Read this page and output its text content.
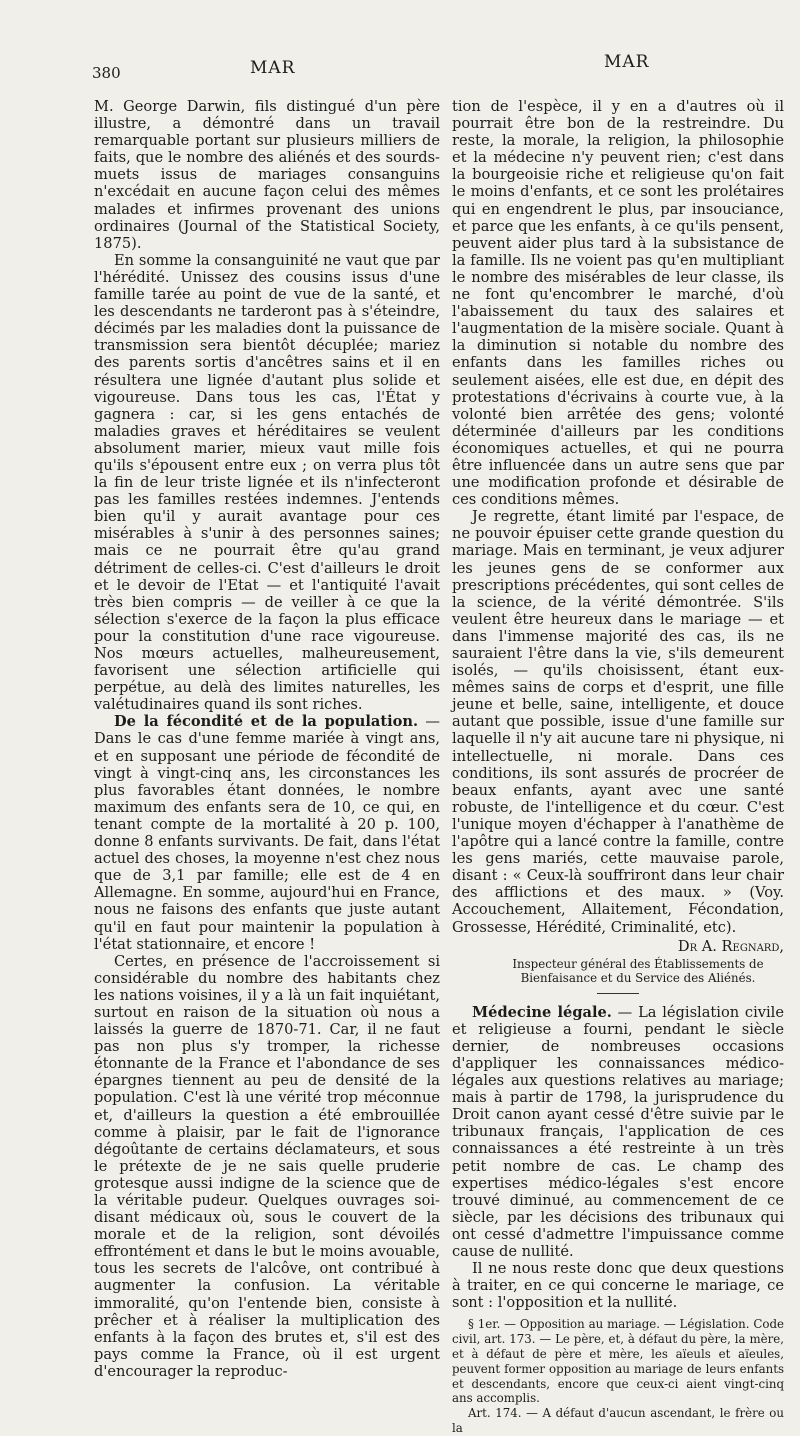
380	MAR	MAR

M. George Darwin, fils distingué d'un père illustre, a démontré dans un travail remarquable portant sur plusieurs milliers de faits, que le nombre des aliénés et des sourds-muets issus de mariages consanguins n'excédait en aucune façon celui des mêmes malades et infirmes provenant des unions ordinaires (Journal of the Statistical Society, 1875).

En somme la consanguinité ne vaut que par l'hérédité. Unissez des cousins issus d'une famille tarée au point de vue de la santé, et les descendants ne tarderont pas à s'éteindre, décimés par les maladies dont la puissance de transmission sera bientôt décuplée; mariez des parents sortis d'ancêtres sains et il en résultera une lignée d'autant plus solide et vigoureuse. Dans tous les cas, l'État y gagnera : car, si les gens entachés de maladies graves et héréditaires se veulent absolument marier, mieux vaut mille fois qu'ils s'épousent entre eux ; on verra plus tôt la fin de leur triste lignée et ils n'infecteront pas les familles restées indemnes. J'entends bien qu'il y aurait avantage pour ces misérables à s'unir à des personnes saines; mais ce ne pourrait être qu'au grand détriment de celles-ci. C'est d'ailleurs le droit et le devoir de l'Etat — et l'antiquité l'avait très bien compris — de veiller à ce que la sélection s'exerce de la façon la plus efficace pour la constitution d'une race vigoureuse. Nos mœurs actuelles, malheureusement, favorisent une sélection artificielle qui perpétue, au delà des limites naturelles, les valétudinaires quand ils sont riches.

De la fécondité et de la population. — Dans le cas d'une femme mariée à vingt ans, et en supposant une période de fécondité de vingt à vingt-cinq ans, les circonstances les plus favorables étant données, le nombre maximum des enfants sera de 10, ce qui, en tenant compte de la mortalité à 20 p. 100, donne 8 enfants survivants. De fait, dans l'état actuel des choses, la moyenne n'est chez nous que de 3,1 par famille; elle est de 4 en Allemagne. En somme, aujourd'hui en France, nous ne faisons des enfants que juste autant qu'il en faut pour maintenir la population à l'état stationnaire, et encore !

Certes, en présence de l'accroissement si considérable du nombre des habitants chez les nations voisines, il y a là un fait inquiétant, surtout en raison de la situation où nous a laissés la guerre de 1870-71. Car, il ne faut pas non plus s'y tromper, la richesse étonnante de la France et l'abondance de ses épargnes tiennent au peu de densité de la population. C'est là une vérité trop méconnue et, d'ailleurs la question a été embrouillée comme à plaisir, par le fait de l'ignorance dégoûtante de certains déclamateurs, et sous le prétexte de je ne sais quelle pruderie grotesque aussi indigne de la science que de la véritable pudeur. Quelques ouvrages soi-disant médicaux où, sous le couvert de la morale et de la religion, sont dévoilés effrontément et dans le but le moins avouable, tous les secrets de l'alcôve, ont contribué à augmenter la confusion. La véritable immoralité, qu'on l'entende bien, consiste à prêcher et à réaliser la multiplication des enfants à la façon des brutes et, s'il est des pays comme la France, où il est urgent d'encourager la reproduc-

tion de l'espèce, il y en a d'autres où il pourrait être bon de la restreindre. Du reste, la morale, la religion, la philosophie et la médecine n'y peuvent rien; c'est dans la bourgeoisie riche et religieuse qu'on fait le moins d'enfants, et ce sont les prolétaires qui en engendrent le plus, par insouciance, et parce que les enfants, à ce qu'ils pensent, peuvent aider plus tard à la subsistance de la famille. Ils ne voient pas qu'en multipliant le nombre des misérables de leur classe, ils ne font qu'encombrer le marché, d'où l'abaissement du taux des salaires et l'augmentation de la misère sociale. Quant à la diminution si notable du nombre des enfants dans les familles riches ou seulement aisées, elle est due, en dépit des protestations d'écrivains à courte vue, à la volonté bien arrêtée des gens; volonté déterminée d'ailleurs par les conditions économiques actuelles, et qui ne pourra être influencée dans un autre sens que par une modification profonde et désirable de ces conditions mêmes.

Je regrette, étant limité par l'espace, de ne pouvoir épuiser cette grande question du mariage. Mais en terminant, je veux adjurer les jeunes gens de se conformer aux prescriptions précédentes, qui sont celles de la science, de la vérité démontrée. S'ils veulent être heureux dans le mariage — et dans l'immense majorité des cas, ils ne sauraient l'être dans la vie, s'ils demeurent isolés, — qu'ils choisissent, étant eux-mêmes sains de corps et d'esprit, une fille jeune et belle, saine, intelligente, et douce autant que possible, issue d'une famille sur laquelle il n'y ait aucune tare ni physique, ni intellectuelle, ni morale. Dans ces conditions, ils sont assurés de procréer de beaux enfants, ayant avec une santé robuste, de l'intelligence et du cœur. C'est l'unique moyen d'échapper à l'anathème de l'apôtre qui a lancé contre la famille, contre les gens mariés, cette mauvaise parole, disant : « Ceux-là souffriront dans leur chair des afflictions et des maux. » (Voy. Accouchement, Allaitement, Fécondation, Grossesse, Hérédité, Criminalité, etc).

Dr A. Regnard,
Inspecteur général des Établissements de Bienfaisance et du Service des Aliénés.

Médecine légale. — La législation civile et religieuse a fourni, pendant le siècle dernier, de nombreuses occasions d'appliquer les connaissances médico-légales aux questions relatives au mariage; mais à partir de 1798, la jurisprudence du Droit canon ayant cessé d'être suivie par le tribunaux français, l'application de ces connaissances a été restreinte à un très petit nombre de cas. Le champ des expertises médico-légales s'est encore trouvé diminué, au commencement de ce siècle, par les décisions des tribunaux qui ont cessé d'admettre l'impuissance comme cause de nullité.

Il ne nous reste donc que deux questions à traiter, en ce qui concerne le mariage, ce sont : l'opposition et la nullité.

§ 1er. — Opposition au mariage. — Législation. Code civil, art. 173. — Le père, et, à défaut du père, la mère, et à défaut de père et mère, les aïeuls et aïeules, peuvent former opposition au mariage de leurs enfants et descendants, encore que ceux-ci aient vingt-cinq ans accomplis.

Art. 174. — A défaut d'aucun ascendant, le frère ou la
